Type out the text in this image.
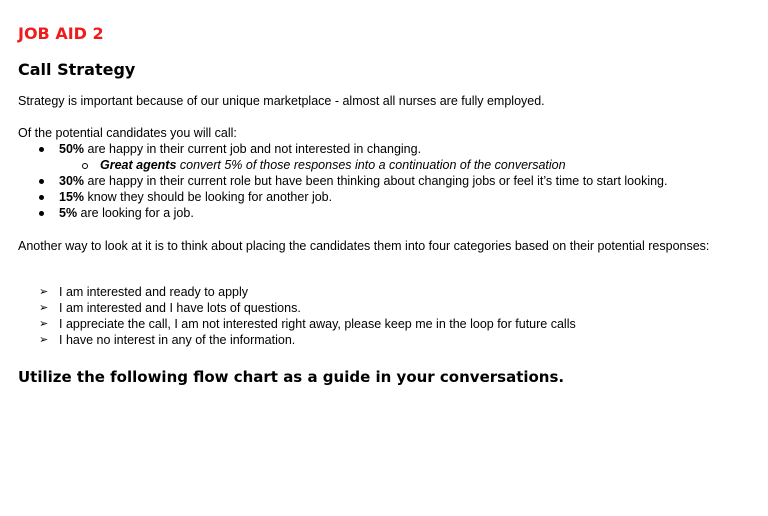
JOB AID 2
Call Strategy

Strategy is important because of our unique marketplace - almost all nurses are fully employed.

Of the potential candidates you will call:

50% are happy in their current job and not interested in changing.
Great agents convert 5% of those responses into a continuation of the conversation
30% are happy in their current role but have been thinking about changing jobs or feel it’s time to start looking.
15% know they should be looking for another job.
5% are looking for a job.

Another way to look at it is to think about placing the candidates them into four categories based on their potential responses:

➢ I am interested and ready to apply
➢ I am interested and I have lots of questions.
➢ I appreciate the call, I am not interested right away, please keep me in the loop for future calls
➢ I have no interest in any of the information.
Utilize the following flow chart as a guide in your conversations.
